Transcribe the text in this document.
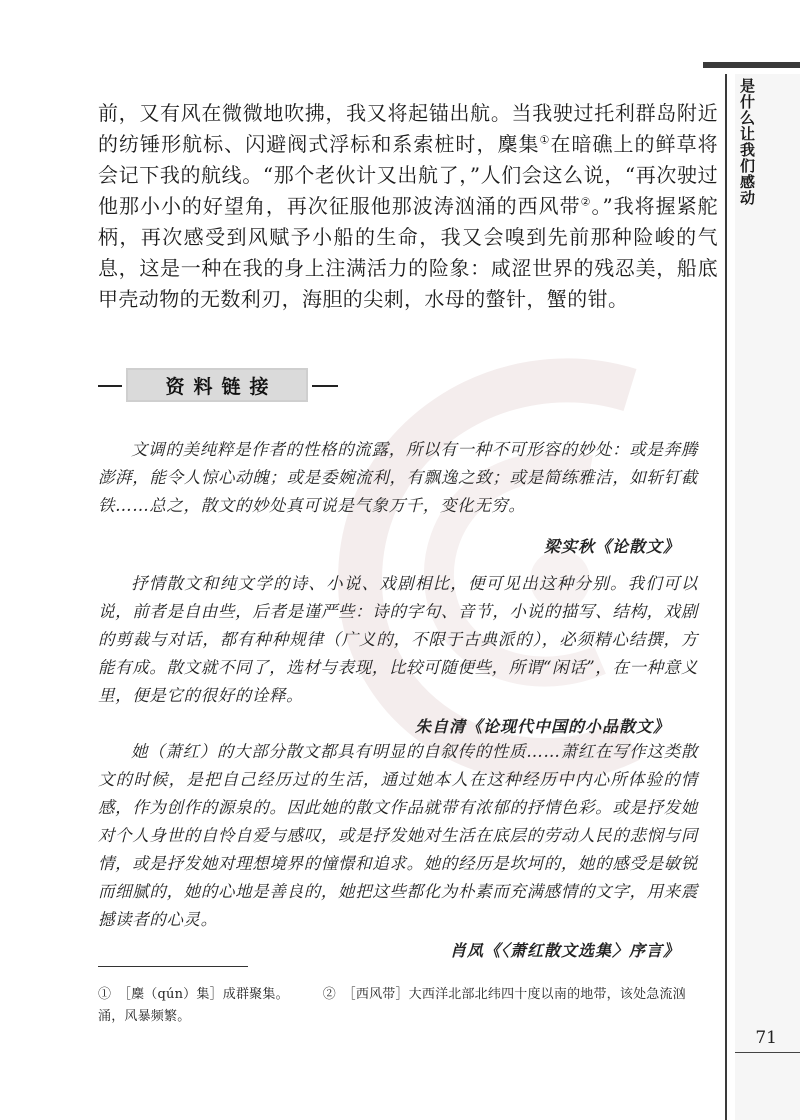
是什么让我们感动

前，又有风在微微地吹拂，我又将起锚出航。当我驶过托利群岛附近的纺锤形航标、闪避阀式浮标和系索桩时，麇集①在暗礁上的鲜草将会记下我的航线。“那个老伙计又出航了，”人们会这么说，“再次驶过他那小小的好望角，再次征服他那波涛汹涌的西风带②。”我将握紧舵柄，再次感受到风赋予小船的生命，我又会嗅到先前那种险峻的气息，这是一种在我的身上注满活力的险象：咸涩世界的残忍美，船底甲壳动物的无数利刃，海胆的尖刺，水母的螫针，蟹的钳。

资料链接

文调的美纯粹是作者的性格的流露，所以有一种不可形容的妙处：或是奔腾澎湃，能令人惊心动魄；或是委婉流利，有飘逸之致；或是简练雅洁，如斩钉截铁……总之，散文的妙处真可说是气象万千，变化无穷。

梁实秋《论散文》

抒情散文和纯文学的诗、小说、戏剧相比，便可见出这种分别。我们可以说，前者是自由些，后者是谨严些：诗的字句、音节，小说的描写、结构，戏剧的剪裁与对话，都有种种规律（广义的，不限于古典派的），必须精心结撰，方能有成。散文就不同了，选材与表现，比较可随便些，所谓“闲话”，在一种意义里，便是它的很好的诠释。

朱自清《论现代中国的小品散文》

她（萧红）的大部分散文都具有明显的自叙传的性质……萧红在写作这类散文的时候，是把自己经历过的生活，通过她本人在这种经历中内心所体验的情感，作为创作的源泉的。因此她的散文作品就带有浓郁的抒情色彩。或是抒发她对个人身世的自怜自爱与感叹，或是抒发她对生活在底层的劳动人民的悲悯与同情，或是抒发她对理想境界的憧憬和追求。她的经历是坎坷的，她的感受是敏锐而细腻的，她的心地是善良的，她把这些都化为朴素而充满感情的文字，用来震撼读者的心灵。

肖凤《〈萧红散文选集〉序言》

①　［麇（qún）集］成群聚集。	②　［西风带］大西洋北部北纬四十度以南的地带，该处急流汹涌，风暴频繁。

71
